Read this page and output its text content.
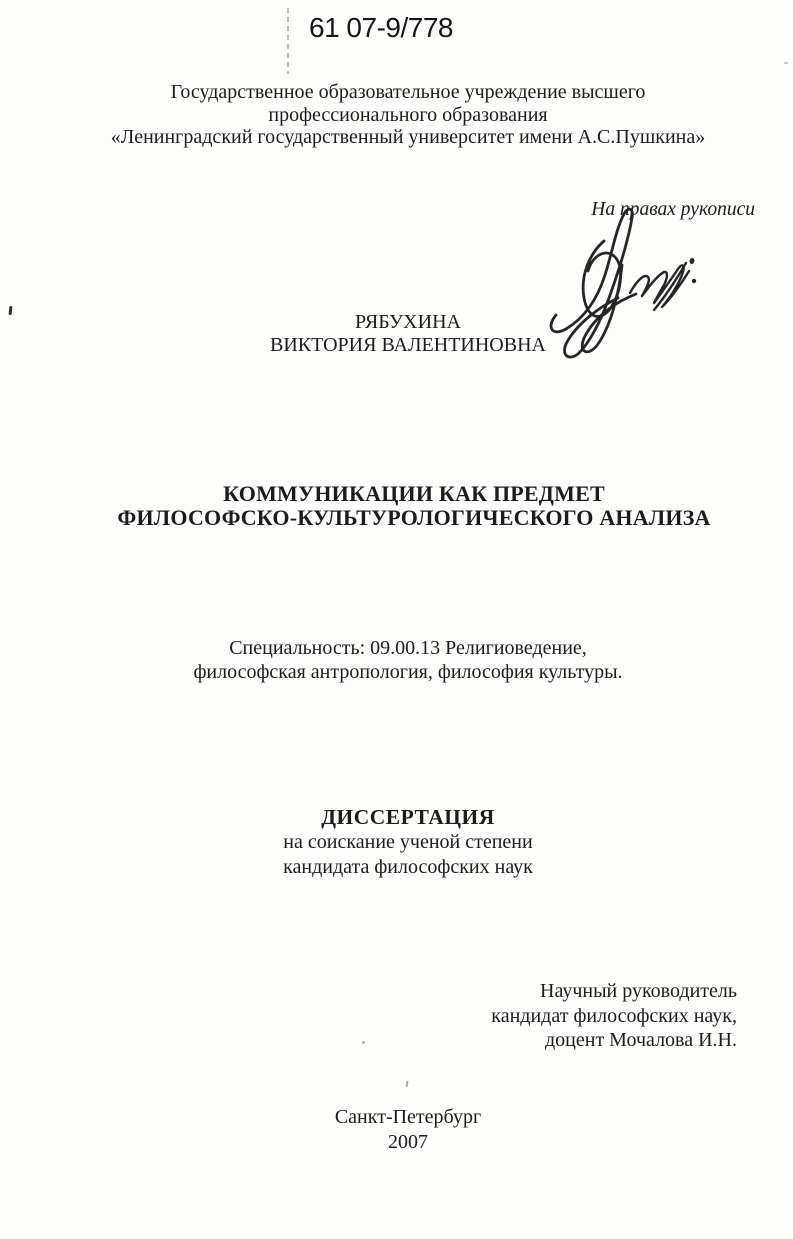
61 07-9/778
Государственное образовательное учреждение высшего
профессионального образования
«Ленинградский государственный университет имени А.С.Пушкина»
На правах рукописи
РЯБУХИНА
ВИКТОРИЯ ВАЛЕНТИНОВНА
КОММУНИКАЦИИ КАК ПРЕДМЕТ
ФИЛОСОФСКО-КУЛЬТУРОЛОГИЧЕСКОГО АНАЛИЗА
Специальность: 09.00.13 Религиоведение,
философская антропология, философия культуры.
ДИССЕРТАЦИЯ
на соискание ученой степени
кандидата философских наук
Научный руководитель
кандидат философских наук,
доцент Мочалова И.Н.
Санкт-Петербург
2007
